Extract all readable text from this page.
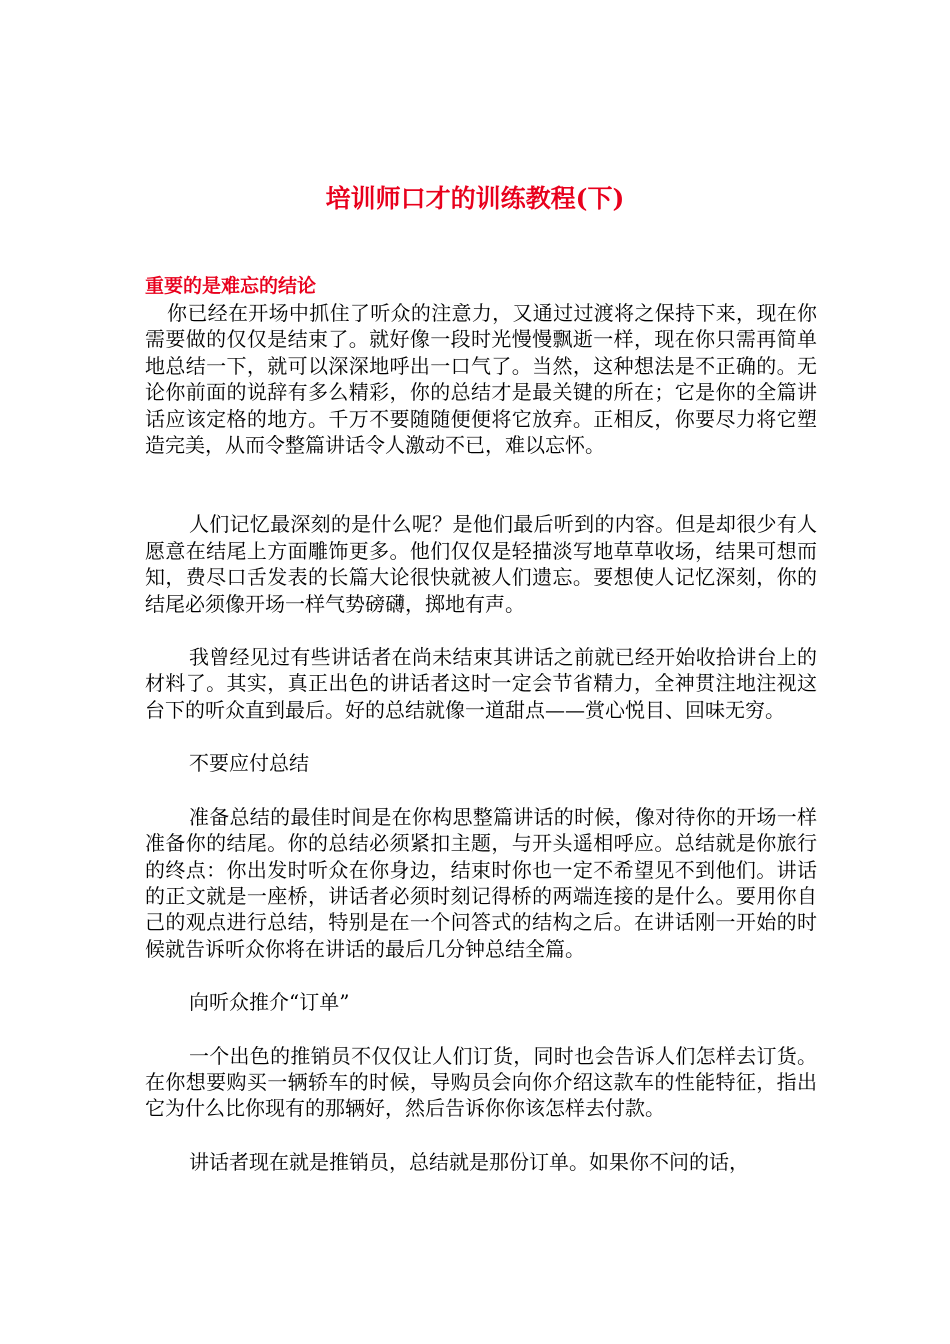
培训师口才的训练教程(下)
重要的是难忘的结论

你已经在开场中抓住了听众的注意力，又通过过渡将之保持下来，现在你需要做的仅仅是结束了。就好像一段时光慢慢飘逝一样，现在你只需再简单地总结一下，就可以深深地呼出一口气了。当然，这种想法是不正确的。无论你前面的说辞有多么精彩，你的总结才是最关键的所在；它是你的全篇讲话应该定格的地方。千万不要随随便便将它放弃。正相反，你要尽力将它塑造完美，从而令整篇讲话令人激动不已，难以忘怀。

人们记忆最深刻的是什么呢？是他们最后听到的内容。但是却很少有人愿意在结尾上方面雕饰更多。他们仅仅是轻描淡写地草草收场，结果可想而知，费尽口舌发表的长篇大论很快就被人们遗忘。要想使人记忆深刻，你的结尾必须像开场一样气势磅礴，掷地有声。

我曾经见过有些讲话者在尚未结束其讲话之前就已经开始收拾讲台上的材料了。其实，真正出色的讲话者这时一定会节省精力，全神贯注地注视这台下的听众直到最后。好的总结就像一道甜点——赏心悦目、回味无穷。

不要应付总结

准备总结的最佳时间是在你构思整篇讲话的时候，像对待你的开场一样准备你的结尾。你的总结必须紧扣主题，与开头遥相呼应。总结就是你旅行的终点：你出发时听众在你身边，结束时你也一定不希望见不到他们。讲话的正文就是一座桥，讲话者必须时刻记得桥的两端连接的是什么。要用你自己的观点进行总结，特别是在一个问答式的结构之后。在讲话刚一开始的时候就告诉听众你将在讲话的最后几分钟总结全篇。

向听众推介“订单”

一个出色的推销员不仅仅让人们订货，同时也会告诉人们怎样去订货。在你想要购买一辆轿车的时候，导购员会向你介绍这款车的性能特征，指出它为什么比你现有的那辆好，然后告诉你你该怎样去付款。

讲话者现在就是推销员，总结就是那份订单。如果你不问的话，
